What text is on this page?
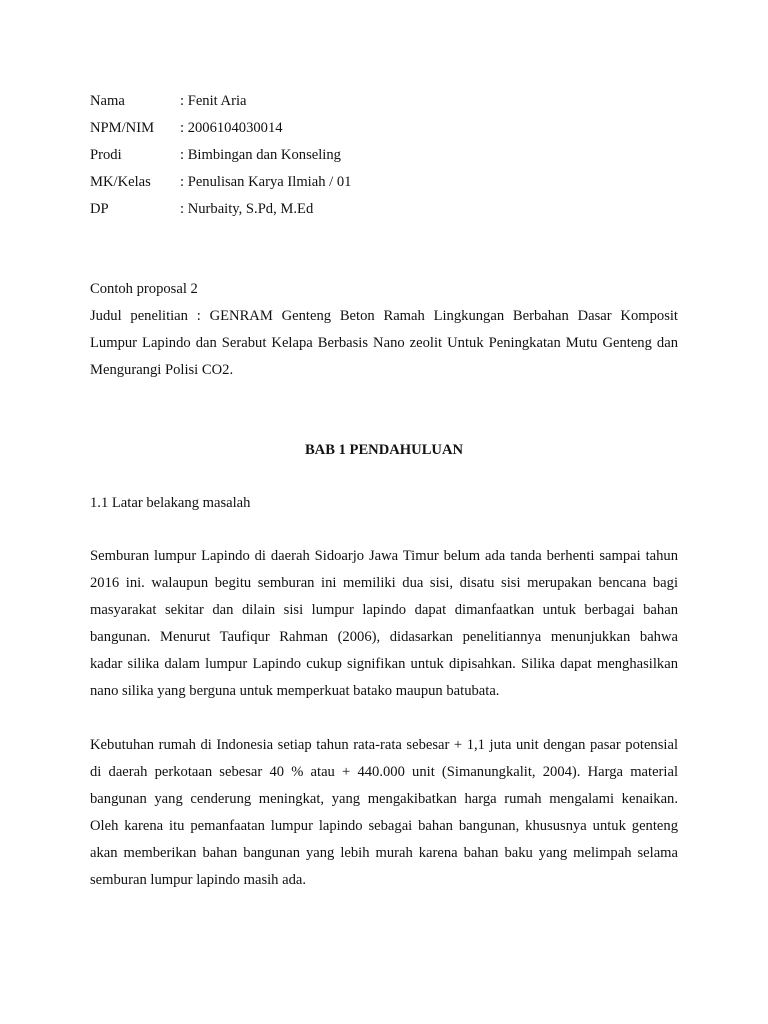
Nama	: Fenit Aria
NPM/NIM : 2006104030014
Prodi	: Bimbingan dan Konseling
MK/Kelas : Penulisan Karya Ilmiah / 01
DP	: Nurbaity, S.Pd, M.Ed
Contoh proposal 2
Judul penelitian : GENRAM Genteng Beton Ramah Lingkungan Berbahan Dasar Komposit
Lumpur Lapindo dan Serabut Kelapa Berbasis Nano zeolit Untuk Peningkatan Mutu Genteng dan
Mengurangi Polisi CO2.
BAB 1 PENDAHULUAN
1.1 Latar belakang masalah
Semburan lumpur Lapindo di daerah Sidoarjo Jawa Timur belum ada tanda berhenti sampai tahun
2016 ini. walaupun begitu semburan ini memiliki dua sisi, disatu sisi merupakan bencana bagi
masyarakat sekitar dan dilain sisi lumpur lapindo dapat dimanfaatkan untuk berbagai bahan
bangunan. Menurut Taufiqur Rahman (2006), didasarkan penelitiannya menunjukkan bahwa
kadar silika dalam lumpur Lapindo cukup signifikan untuk dipisahkan. Silika dapat menghasilkan
nano silika yang berguna untuk memperkuat batako maupun batubata.
Kebutuhan rumah di Indonesia setiap tahun rata-rata sebesar + 1,1 juta unit dengan pasar potensial
di daerah perkotaan sebesar 40 % atau + 440.000 unit (Simanungkalit, 2004). Harga material
bangunan yang cenderung meningkat, yang mengakibatkan harga rumah mengalami kenaikan.
Oleh karena itu pemanfaatan lumpur lapindo sebagai bahan bangunan, khususnya untuk genteng
akan memberikan bahan bangunan yang lebih murah karena bahan baku yang melimpah selama
semburan lumpur lapindo masih ada.
